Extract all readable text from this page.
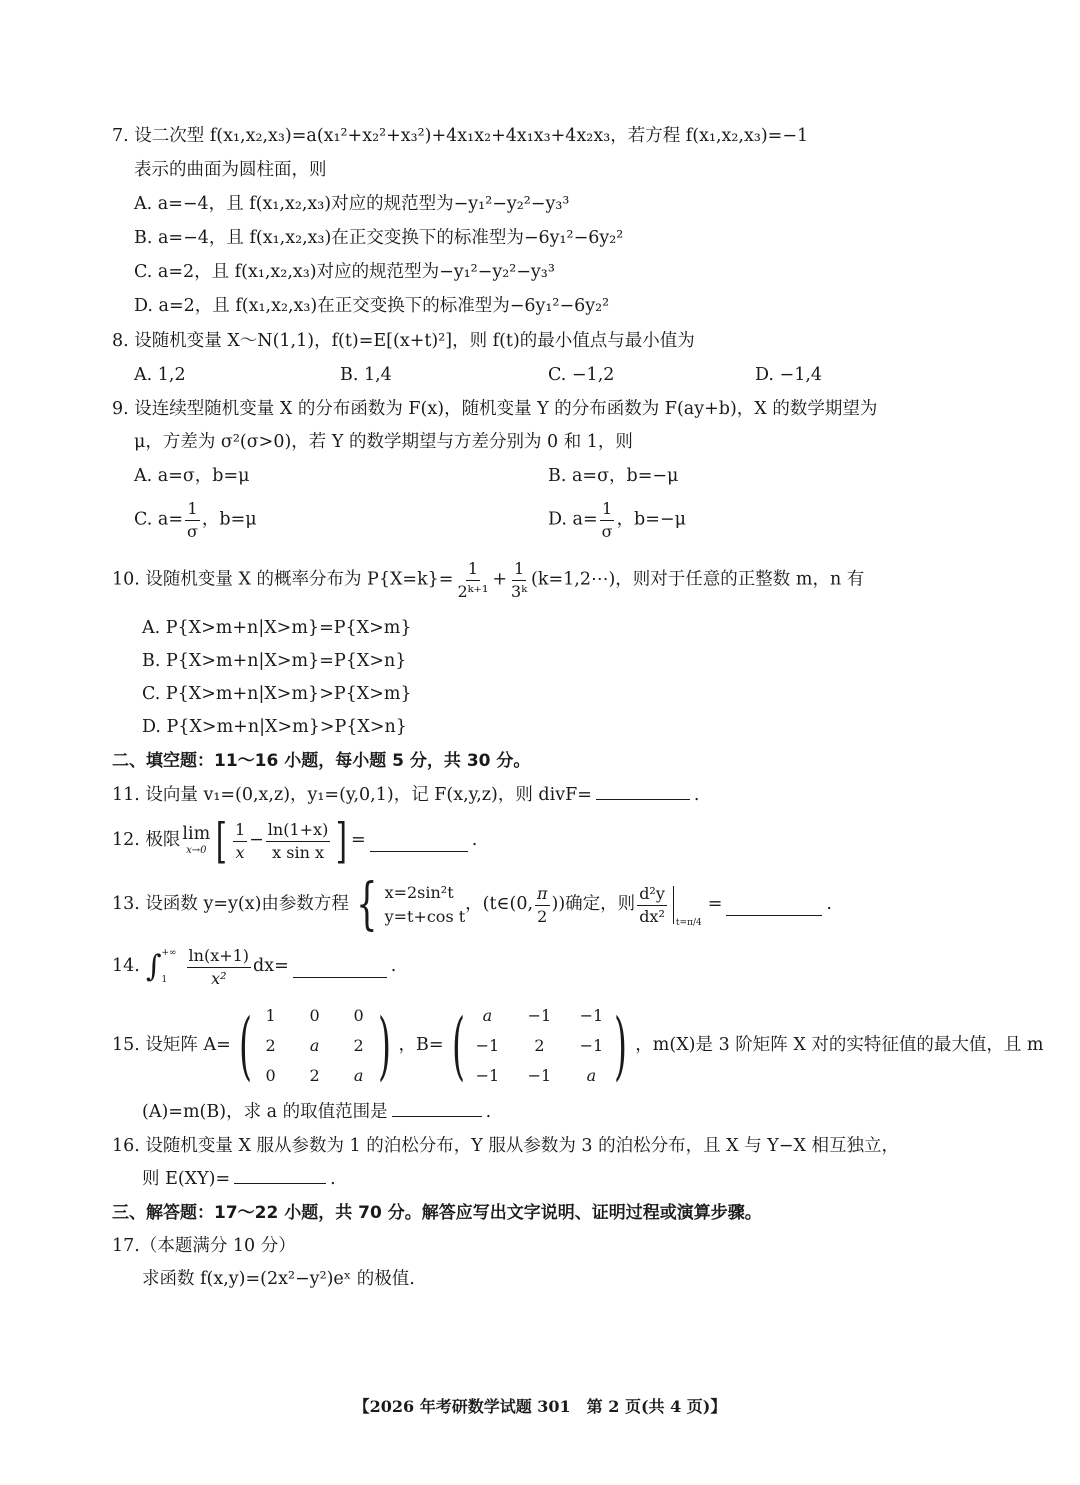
7. 设二次型 f(x₁,x₂,x₃)=a(x₁²+x₂²+x₃²)+4x₁x₂+4x₁x₃+4x₂x₃，若方程 f(x₁,x₂,x₃)=−1
表示的曲面为圆柱面，则
A. a=−4，且 f(x₁,x₂,x₃)对应的规范型为−y₁²−y₂²−y₃³
B. a=−4，且 f(x₁,x₂,x₃)在正交变换下的标准型为−6y₁²−6y₂²
C. a=2，且 f(x₁,x₂,x₃)对应的规范型为−y₁²−y₂²−y₃³
D. a=2，且 f(x₁,x₂,x₃)在正交变换下的标准型为−6y₁²−6y₂²
8. 设随机变量 X～N(1,1)，f(t)=E[(x+t)²]，则 f(t)的最小值点与最小值为
A. 1,2	B. 1,4	C. −1,2	D. −1,4
9. 设连续型随机变量 X 的分布函数为 F(x)，随机变量 Y 的分布函数为 F(ay+b)，X 的数学期望为
μ，方差为 σ²(σ>0)，若 Y 的数学期望与方差分别为 0 和 1，则
A. a=σ，b=μ	B. a=σ，b=−μ
C. $a= \frac{1}{\sigma}$ ，b=μ	D. $a= \frac{1}{\sigma}$ ，b=−μ
10. 设随机变量 X 的概率分布为 $P\{X=k\}= \frac{1}{\text{2ᵏ⁺¹}} + \frac{1}{\text{3ᵏ}}$ (k=1,2⋯)，则对于任意的正整数 m，n 有
A. P{X>m+n|X>m}=P{X>m}
B. P{X>m+n|X>m}=P{X>n}
C. P{X>m+n|X>m}>P{X>m}
D. P{X>m+n|X>m}>P{X>n}
二、填空题：11～16 小题，每小题 5 分，共 30 分。
11. 设向量 v₁=(0,x,z)，y₁=(y,0,1)，记 F(x,y,z)，则 divF=	.
12. 极限 lim
x→0 [ $\frac{1}{x} - \frac{\ln(1+x)}{\text{x sin x}}$ ] =	.
13. 设函数 y=y(x)由参数方程 { x=2sin²t
y=t+cos t
，(t∈(0, $\frac{\pi}{2}$ ))确定，则 $\frac{\text{d²y}}{\text{dx²}} t=\pi/4$
=	.
14. ∫ +∞
1	$\frac{\ln(x+1)}{\text{x²}} dx=$	.
15. 设矩阵 A= ( 1	0	0
2	a	2
0	2	a ) ，B= (	a	−1 −1
−1	2	−1
−1 −1	a ) ，m(X)是 3 阶矩阵 X 对的实特征值的最大值，且 m
(A)=m(B)，求 a 的取值范围是	.
16. 设随机变量 X 服从参数为 1 的泊松分布，Y 服从参数为 3 的泊松分布，且 X 与 Y−X 相互独立，
则 E(XY)=	.
三、解答题：17～22 小题，共 70 分。解答应写出文字说明、证明过程或演算步骤。
17.（本题满分 10 分）
求函数 f(x,y)=(2x²−y²)eˣ 的极值.
【2026 年考研数学试题 301　第 2 页(共 4 页)】
